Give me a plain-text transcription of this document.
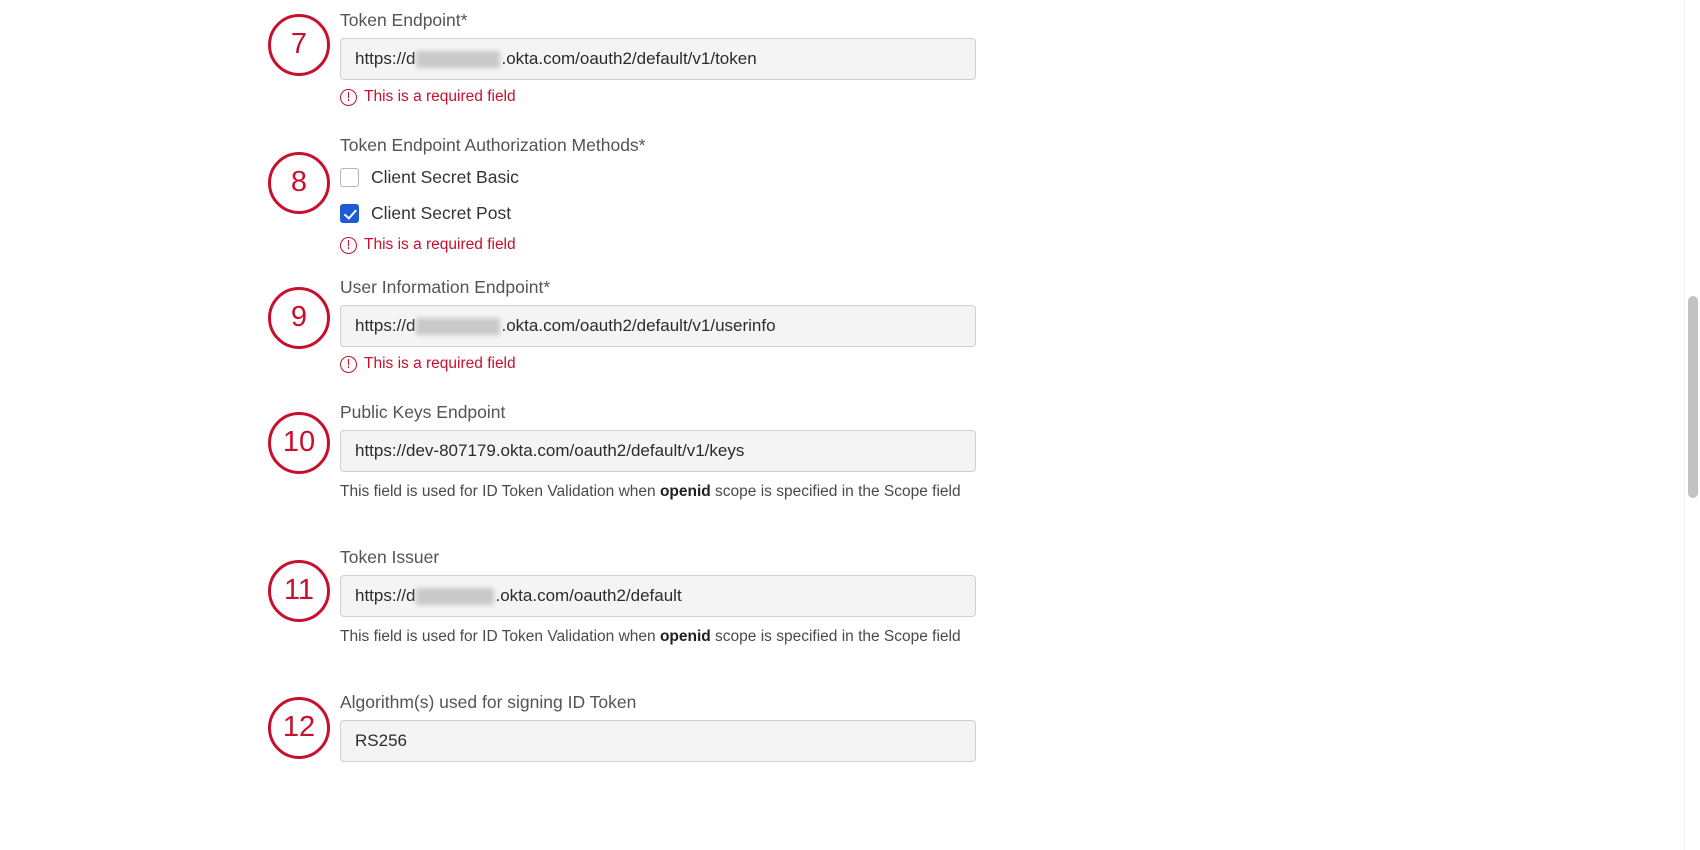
7
8
9
10
11
12
Token Endpoint*
https://d	.okta.com/oauth2/default/v1/token
This is a required field
Token Endpoint Authorization Methods*
Client Secret Basic
Client Secret Post
This is a required field
User Information Endpoint*
https://d	.okta.com/oauth2/default/v1/userinfo
This is a required field
Public Keys Endpoint
https://dev-807179.okta.com/oauth2/default/v1/keys
This field is used for ID Token Validation when openid scope is specified in the Scope field
Token Issuer
https://d	.okta.com/oauth2/default
This field is used for ID Token Validation when openid scope is specified in the Scope field
Algorithm(s) used for signing ID Token
RS256
